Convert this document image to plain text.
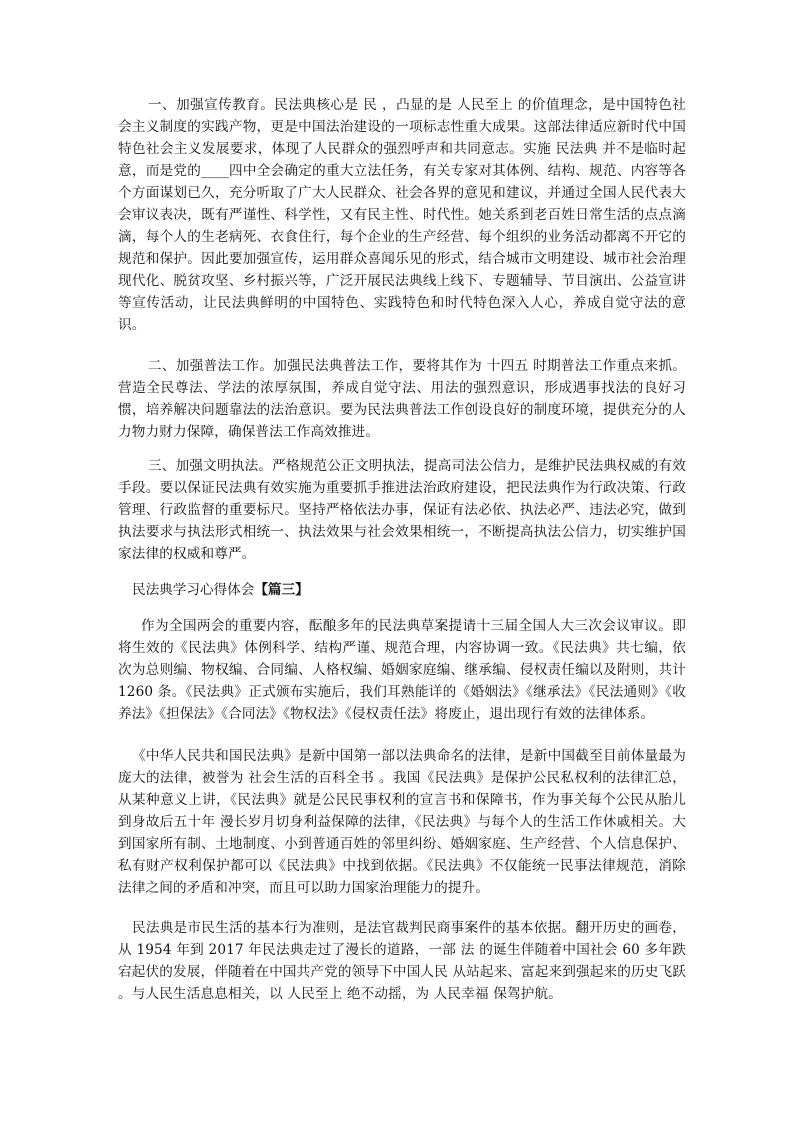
一、加强宣传教育。民法典核心是 民 ，凸显的是 人民至上 的价值理念，是中国特色社会主义制度的实践产物，更是中国法治建设的一项标志性重大成果。这部法律适应新时代中国特色社会主义发展要求，体现了人民群众的强烈呼声和共同意志。实施 民法典 并不是临时起意，而是党的____四中全会确定的重大立法任务，有关专家对其体例、结构、规范、内容等各个方面谋划已久，充分听取了广大人民群众、社会各界的意见和建议，并通过全国人民代表大会审议表决，既有严谨性、科学性，又有民主性、时代性。她关系到老百姓日常生活的点点滴滴，每个人的生老病死、衣食住行，每个企业的生产经营、每个组织的业务活动都离不开它的规范和保护。因此要加强宣传，运用群众喜闻乐见的形式，结合城市文明建设、城市社会治理现代化、脱贫攻坚、乡村振兴等，广泛开展民法典线上线下、专题辅导、节目演出、公益宣讲等宣传活动，让民法典鲜明的中国特色、实践特色和时代特色深入人心，养成自觉守法的意识。

二、加强普法工作。加强民法典普法工作，要将其作为 十四五 时期普法工作重点来抓。营造全民尊法、学法的浓厚氛围，养成自觉守法、用法的强烈意识，形成遇事找法的良好习惯，培养解决问题靠法的法治意识。要为民法典普法工作创设良好的制度环境，提供充分的人力物力财力保障，确保普法工作高效推进。

三、加强文明执法。严格规范公正文明执法，提高司法公信力，是维护民法典权威的有效手段。要以保证民法典有效实施为重要抓手推进法治政府建设，把民法典作为行政决策、行政管理、行政监督的重要标尺。坚持严格依法办事，保证有法必依、执法必严、违法必究，做到执法要求与执法形式相统一、执法效果与社会效果相统一，不断提高执法公信力，切实维护国家法律的权威和尊严。

民法典学习心得体会【篇三】

作为全国两会的重要内容，酝酿多年的民法典草案提请十三届全国人大三次会议审议。即将生效的《民法典》体例科学、结构严谨、规范合理，内容协调一致。《民法典》共七编，依次为总则编、物权编、合同编、人格权编、婚姻家庭编、继承编、侵权责任编以及附则，共计 1260 条。《民法典》正式颁布实施后，我们耳熟能详的《婚姻法》《继承法》《民法通则》《收养法》《担保法》《合同法》《物权法》《侵权责任法》将废止，退出现行有效的法律体系。

《中华人民共和国民法典》是新中国第一部以法典命名的法律，是新中国截至目前体量最为庞大的法律，被誉为 社会生活的百科全书 。我国《民法典》是保护公民私权利的法律汇总，从某种意义上讲，《民法典》就是公民民事权利的宣言书和保障书，作为事关每个公民从胎儿到身故后五十年 漫长岁月切身利益保障的法律，《民法典》与每个人的生活工作休戚相关。大到国家所有制、土地制度、小到普通百姓的邻里纠纷、婚姻家庭、生产经营、个人信息保护、私有财产权利保护都可以《民法典》中找到依据。《民法典》不仅能统一民事法律规范，消除法律之间的矛盾和冲突，而且可以助力国家治理能力的提升。

民法典是市民生活的基本行为准则，是法官裁判民商事案件的基本依据。翻开历史的画卷，从 1954 年到 2017 年民法典走过了漫长的道路，一部 法 的诞生伴随着中国社会 60 多年跌宕起伏的发展，伴随着在中国共产党的领导下中国人民 从站起来、富起来到强起来的历史飞跃 。与人民生活息息相关，以 人民至上 绝不动摇，为 人民幸福 保驾护航。
